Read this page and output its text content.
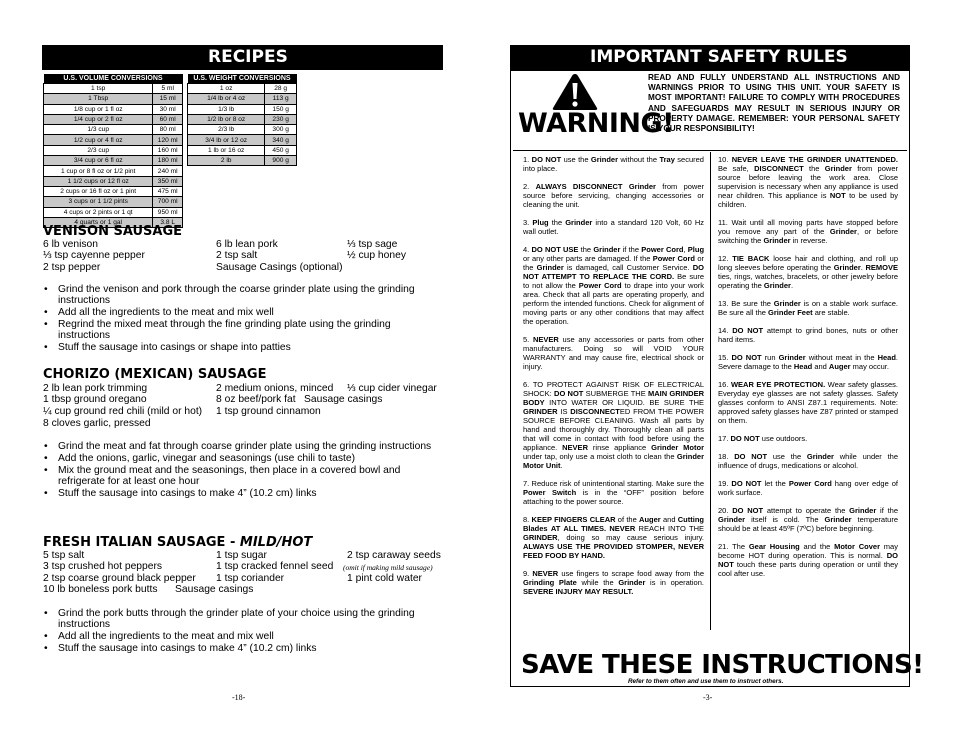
RECIPES
U.S. VOLUME CONVERSIONS	
1 tsp	5 ml
1 Tbsp	15 ml
1/8 cup or 1 fl oz	30 ml
1/4 cup or 2 fl oz	60 ml
1/3 cup	80 ml
1/2 cup or 4 fl oz	120 ml
2/3 cup	160 ml
3/4 cup or 6 fl oz	180 ml
1 cup or 8 fl oz or 1/2 pint	240 ml
1 1/2 cups or 12 fl oz	350 ml
2 cups or 16 fl oz or 1 pint	475 ml
3 cups or 1 1/2 pints	700 ml
4 cups or 2 pints or 1 qt	950 ml
4 quarts or 1 gal	3.8 L
U.S. WEIGHT CONVERSIONS	
1 oz	28 g
1/4 lb or 4 oz	113 g
1/3 lb	150 g
1/2 lb or 8 oz	230 g
2/3 lb	300 g
3/4 lb or 12 oz	340 g
1 lb or 16 oz	450 g
2 lb	900 g
VENISON SAUSAGE
6 lb venison	6 lb lean pork	⅓ tsp sage
⅓ tsp cayenne pepper	2 tsp salt	½ cup honey
2 tsp pepper	Sausage Casings (optional)
• Grind the venison and pork through the coarse grinder plate using the grinding instructions
• Add all the ingredients to the meat and mix well
• Regrind the mixed meat through the fine grinding plate using the grinding instructions
• Stuff the sausage into casings or shape into patties
CHORIZO (MEXICAN) SAUSAGE
2 lb lean pork trimming	2 medium onions, minced ⅓ cup cider vinegar
1 tbsp ground oregano	8 oz beef/pork fat Sausage casings
¼ cup ground red chili (mild or hot) 1 tsp ground cinnamon
8 cloves garlic, pressed
• Grind the meat and fat through coarse grinder plate using the grinding instructions
• Add the onions, garlic, vinegar and seasonings (use chili to taste)
• Mix the ground meat and the seasonings, then place in a covered bowl and refrigerate for at least one hour
• Stuff the sausage into casings to make 4” (10.2 cm) links
FRESH ITALIAN SAUSAGE - MILD/HOT
5 tsp salt	1 tsp sugar	2 tsp caraway seeds
3 tsp crushed hot peppers	1 tsp cracked fennel seed (omit if making mild sausage)
2 tsp coarse ground black pepper 1 tsp coriander	1 pint cold water
10 lb boneless pork butts Sausage casings
• Grind the pork butts through the grinder plate of your choice using the grinding instructions
• Add all the ingredients to the meat and mix well
• Stuff the sausage into casings to make 4” (10.2 cm) links
-18-
IMPORTANT SAFETY RULES
WARNING!
READ AND FULLY UNDERSTAND ALL INSTRUCTIONS AND WARNINGS PRIOR TO USING THIS UNIT. YOUR SAFETY IS MOST IMPORTANT! FAILURE TO COMPLY WITH PROCEDURES AND SAFEGUARDS MAY RESULT IN SERIOUS INJURY OR PROPERTY DAMAGE. REMEMBER: YOUR PERSONAL SAFETY IS YOUR RESPONSIBILITY!

1. DO NOT use the Grinder without the Tray secured into place.

2. ALWAYS DISCONNECT Grinder from power source before servicing, changing accessories or cleaning the unit.

3. Plug the Grinder into a standard 120 Volt, 60 Hz wall outlet.

4. DO NOT USE the Grinder if the Power Cord, Plug or any other parts are damaged. If the Power Cord or the Grinder is damaged, call Customer Service. DO NOT ATTEMPT TO REPLACE THE CORD. Be sure to not allow the Power Cord to drape into your work area. Check that all parts are operating properly, and perform the intended functions. Check for alignment of moving parts or any other conditions that may affect the operation.

5. NEVER use any accessories or parts from other manufacturers. Doing so will VOID YOUR WARRANTY and may cause fire, electrical shock or injury.

6. TO PROTECT AGAINST RISK OF ELECTRICAL SHOCK: DO NOT SUBMERGE THE MAIN GRINDER BODY INTO WATER OR LIQUID. BE SURE THE GRINDER IS DISCONNECTED FROM THE POWER SOURCE BEFORE CLEANING. Wash all parts by hand and thoroughly dry. Thoroughly clean all parts that will come in contact with food before using the appliance. NEVER rinse appliance Grinder Motor under tap, only use a moist cloth to clean the Grinder Motor Unit.

7. Reduce risk of unintentional starting. Make sure the Power Switch is in the “OFF” position before attaching to the power source.

8. KEEP FINGERS CLEAR of the Auger and Cutting Blades AT ALL TIMES. NEVER REACH INTO THE GRINDER, doing so may cause serious injury. ALWAYS USE THE PROVIDED STOMPER, NEVER FEED FOOD BY HAND.

9. NEVER use fingers to scrape food away from the Grinding Plate while the Grinder is in operation. SEVERE INJURY MAY RESULT.

10. NEVER LEAVE THE GRINDER UNATTENDED. Be safe, DISCONNECT the Grinder from power source before leaving the work area. Close supervision is necessary when any appliance is used near children. This appliance is NOT to be used by children.

11. Wait until all moving parts have stopped before you remove any part of the Grinder, or before switching the Grinder in reverse.

12. TIE BACK loose hair and clothing, and roll up long sleeves before operating the Grinder. REMOVE ties, rings, watches, bracelets, or other jewelry before operating the Grinder.

13. Be sure the Grinder is on a stable work surface. Be sure all the Grinder Feet are stable.

14. DO NOT attempt to grind bones, nuts or other hard items.

15. DO NOT run Grinder without meat in the Head. Severe damage to the Head and Auger may occur.

16. WEAR EYE PROTECTION. Wear safety glasses. Everyday eye glasses are not safety glasses. Safety glasses conform to ANSI Z87.1 requirements. Note: approved safety glasses have Z87 printed or stamped on them.

17. DO NOT use outdoors.

18. DO NOT use the Grinder while under the influence of drugs, medications or alcohol.

19. DO NOT let the Power Cord hang over edge of work surface.

20. DO NOT attempt to operate the Grinder if the Grinder itself is cold. The Grinder temperature should be at least 45ºF (7ºC) before beginning.

21. The Gear Housing and the Motor Cover may become HOT during operation. This is normal. DO NOT touch these parts during operation or until they cool after use.

SAVE THESE INSTRUCTIONS!
Refer to them often and use them to instruct others.
-3-
